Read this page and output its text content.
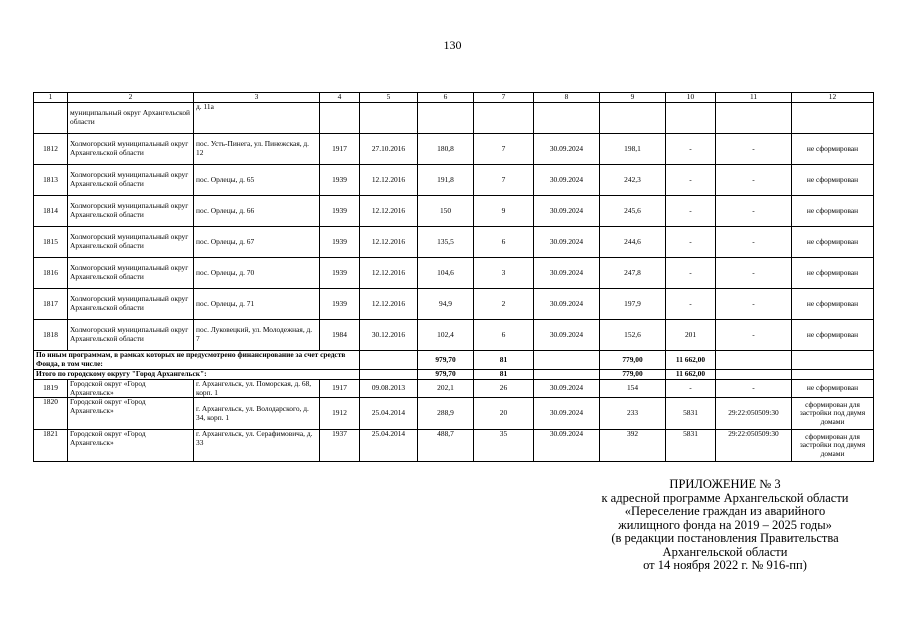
130
1	2	3	4	5	6	7	8	9	10	11	12
	муниципальный округ Архангельской области	д. 11а									
1812	Холмогорский муниципальный округ Архангельской области	пос. Усть-Пинега, ул. Пинежская, д. 12	1917	27.10.2016	180,8	7	30.09.2024	198,1	-	-	не сформирован
1813	Холмогорский муниципальный округ Архангельской области	пос. Орлецы, д. 65	1939	12.12.2016	191,8	7	30.09.2024	242,3	-	-	не сформирован
1814	Холмогорский муниципальный округ Архангельской области	пос. Орлецы, д. 66	1939	12.12.2016	150	9	30.09.2024	245,6	-	-	не сформирован
1815	Холмогорский муниципальный округ Архангельской области	пос. Орлецы, д. 67	1939	12.12.2016	135,5	6	30.09.2024	244,6	-	-	не сформирован
1816	Холмогорский муниципальный округ Архангельской области	пос. Орлецы, д. 70	1939	12.12.2016	104,6	3	30.09.2024	247,8	-	-	не сформирован
1817	Холмогорский муниципальный округ Архангельской области	пос. Орлецы, д. 71	1939	12.12.2016	94,9	2	30.09.2024	197,9	-	-	не сформирован
1818	Холмогорский муниципальный округ Архангельской области	пос. Луковецкий, ул. Молодежная, д. 7	1984	30.12.2016	102,4	6	30.09.2024	152,6	201	-	не сформирован
По иным программам, в рамках которых не предусмотрено финансирование за счет средств Фонда, в том числе:					979,70	81		779,00	11 662,00		
Итого по городскому округу "Город Архангельск":					979,70	81		779,00	11 662,00		
1819	Городской округ «Город Архангельск»	г. Архангельск, ул. Поморская, д. 68, корп. 1	1917	09.08.2013	202,1	26	30.09.2024	154	-	-	не сформирован
1820	Городской округ «Город Архангельск»	г. Архангельск, ул. Володарского, д. 34, корп. 1	1912	25.04.2014	288,9	20	30.09.2024	233	5831	29:22:050509:30	сформирован для застройки под двумя домами
1821	Городской округ «Город Архангельск»	г. Архангельск, ул. Серафимовича, д. 33	1937	25.04.2014	488,7	35	30.09.2024	392	5831	29:22:050509:30	сформирован для застройки под двумя домами
ПРИЛОЖЕНИЕ № 3
к адресной программе Архангельской области
«Переселение граждан из аварийного
жилищного фонда на 2019 – 2025 годы»
(в редакции постановления Правительства
Архангельской области
от 14 ноября 2022 г. № 916-пп)
